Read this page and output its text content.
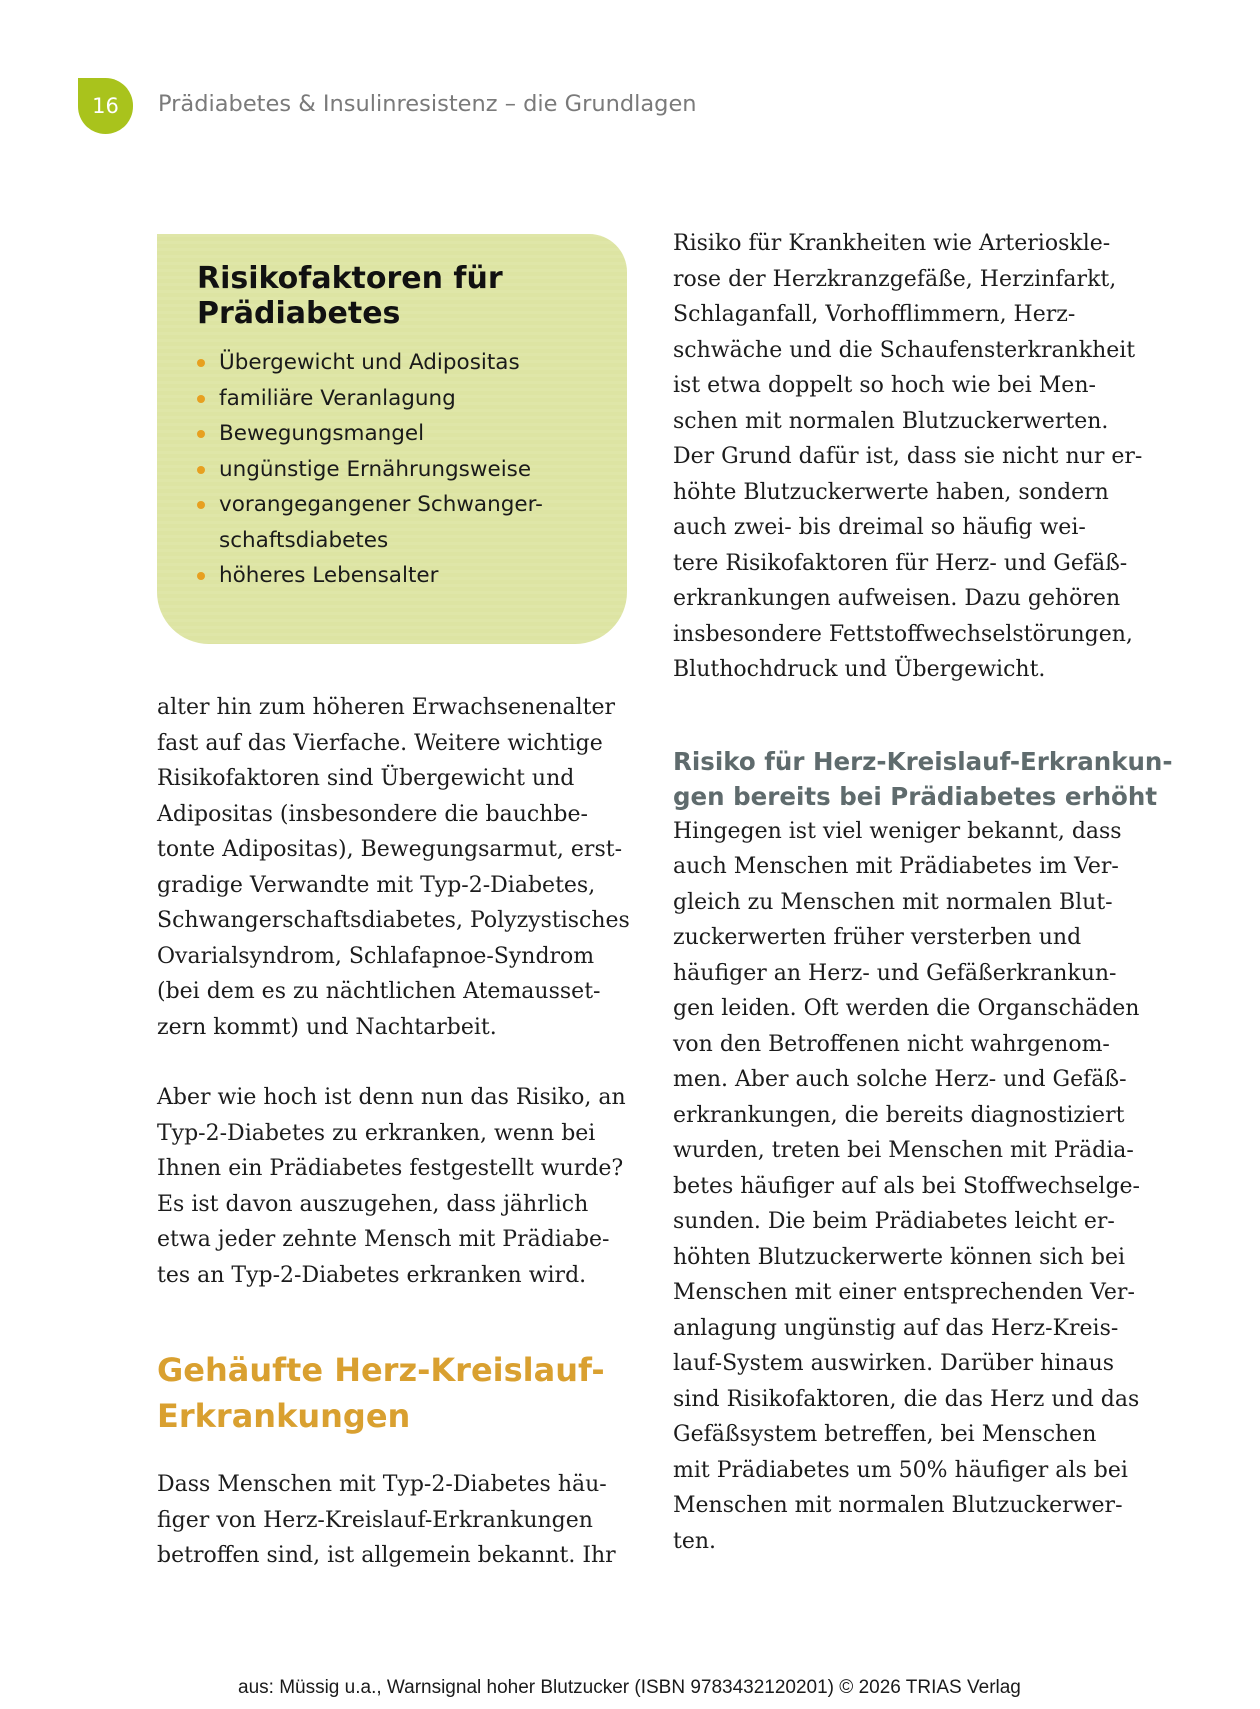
16 Prädiabetes & Insulinresistenz – die Grundlagen
Risikofaktoren für
Prädiabetes
Übergewicht und Adipositas
familiäre Veranlagung
Bewegungsmangel
ungünstige Ernährungsweise
vorangegangener Schwanger-
schaftsdiabetes
höheres Lebensalter

alter hin zum höheren Erwachsenenalter
fast auf das Vierfache. Weitere wichtige
Risikofaktoren sind Übergewicht und
Adipositas (insbesondere die bauchbe-
tonte Adipositas), Bewegungsarmut, erst-
gradige Verwandte mit Typ-2-Diabetes,
Schwangerschaftsdiabetes, Polyzystisches
Ovarialsyndrom, Schlafapnoe-Syndrom
(bei dem es zu nächtlichen Atemausset-
zern kommt) und Nachtarbeit.

Aber wie hoch ist denn nun das Risiko, an
Typ-2-Diabetes zu erkranken, wenn bei
Ihnen ein Prädiabetes festgestellt wurde?
Es ist davon auszugehen, dass jährlich
etwa jeder zehnte Mensch mit Prädiabe-
tes an Typ-2-Diabetes erkranken wird.

Gehäufte Herz-Kreislauf-
Erkrankungen

Dass Menschen mit Typ-2-Diabetes häu-
figer von Herz-Kreislauf-Erkrankungen
betroffen sind, ist allgemein bekannt. Ihr

Risiko für Krankheiten wie Arteriosklе-
rose der Herzkranzgefäße, Herzinfarkt,
Schlaganfall, Vorhofflimmern, Herz-
schwäche und die Schaufensterkrankheit
ist etwa doppelt so hoch wie bei Men-
schen mit normalen Blutzuckerwerten.
Der Grund dafür ist, dass sie nicht nur er-
höhte Blutzuckerwerte haben, sondern
auch zwei- bis dreimal so häufig wei-
tere Risikofaktoren für Herz- und Gefäß-
erkrankungen aufweisen. Dazu gehören
insbesondere Fettstoffwechselstörungen,
Bluthochdruck und Übergewicht.

Risiko für Herz-Kreislauf-Erkrankun-
gen bereits bei Prädiabetes erhöht

Hingegen ist viel weniger bekannt, dass
auch Menschen mit Prädiabetes im Ver-
gleich zu Menschen mit normalen Blut-
zuckerwerten früher versterben und
häufiger an Herz- und Gefäßerkrankun-
gen leiden. Oft werden die Organschäden
von den Betroffenen nicht wahrgenom-
men. Aber auch solche Herz- und Gefäß-
erkrankungen, die bereits diagnostiziert
wurden, treten bei Menschen mit Prädia-
betes häufiger auf als bei Stoffwechselge-
sunden. Die beim Prädiabetes leicht er-
höhten Blutzuckerwerte können sich bei
Menschen mit einer entsprechenden Ver-
anlagung ungünstig auf das Herz-Kreis-
lauf-System auswirken. Darüber hinaus
sind Risikofaktoren, die das Herz und das
Gefäßsystem betreffen, bei Menschen
mit Prädiabetes um 50% häufiger als bei
Menschen mit normalen Blutzuckerwer-
ten.

aus: Müssig u.a., Warnsignal hoher Blutzucker (ISBN 9783432120201) © 2026 TRIAS Verlag
